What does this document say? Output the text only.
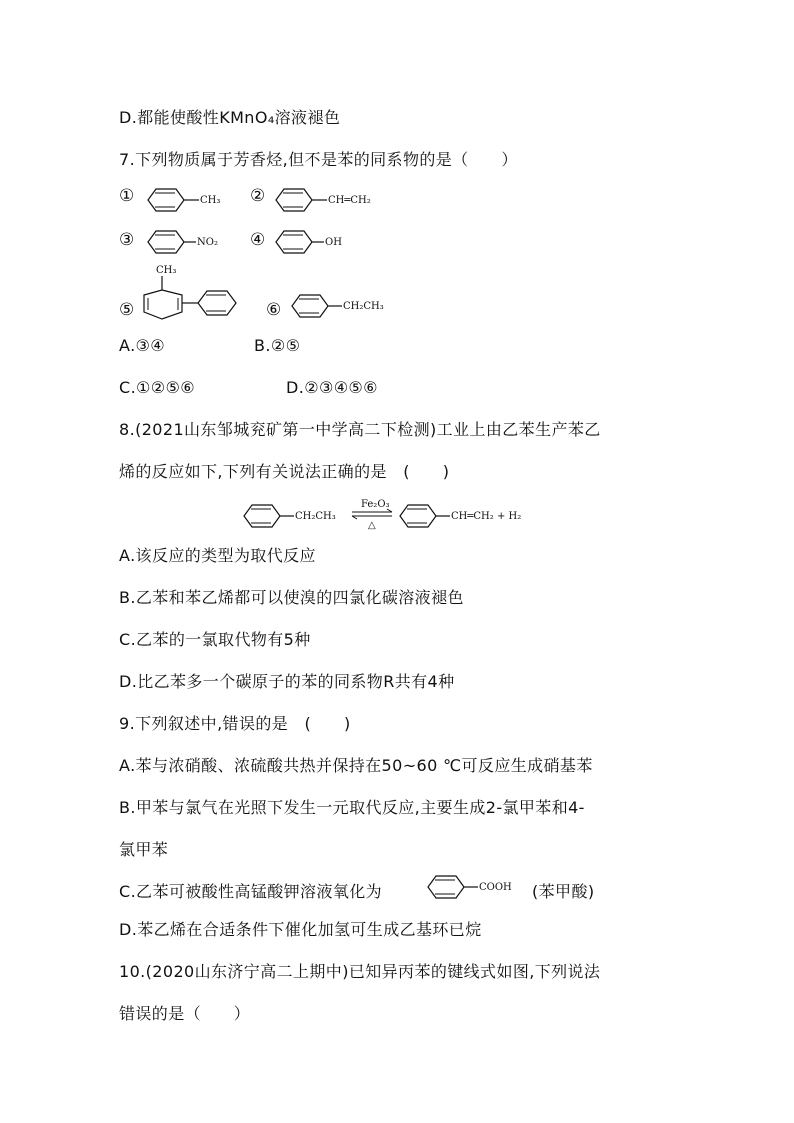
D.都能使酸性KMnO₄溶液褪色
7.下列物质属于芳香烃,但不是苯的同系物的是（　　）
①	CH₃ ②	CH═CH₂
③	NO₂ ④	OH
⑤
CH₃
⑥	CH₂CH₃
A.③④	B.②⑤
C.①②⑤⑥	D.②③④⑤⑥
8.(2021山东邹城兖矿第一中学高二下检测)工业上由乙苯生产苯乙
烯的反应如下,下列有关说法正确的是　(　　)
CH₂CH₃
Fe₂O₃
△
CH═CH₂ + H₂
A.该反应的类型为取代反应
B.乙苯和苯乙烯都可以使溴的四氯化碳溶液褪色
C.乙苯的一氯取代物有5种
D.比乙苯多一个碳原子的苯的同系物R共有4种
9.下列叙述中,错误的是　(　　)
A.苯与浓硝酸、浓硫酸共热并保持在50~60 ℃可反应生成硝基苯
B.甲苯与氯气在光照下发生一元取代反应,主要生成2-氯甲苯和4-
氯甲苯
C.乙苯可被酸性高锰酸钾溶液氧化为	COOH (苯甲酸)
D.苯乙烯在合适条件下催化加氢可生成乙基环已烷
10.(2020山东济宁高二上期中)已知异丙苯的键线式如图,下列说法
错误的是（　　）
